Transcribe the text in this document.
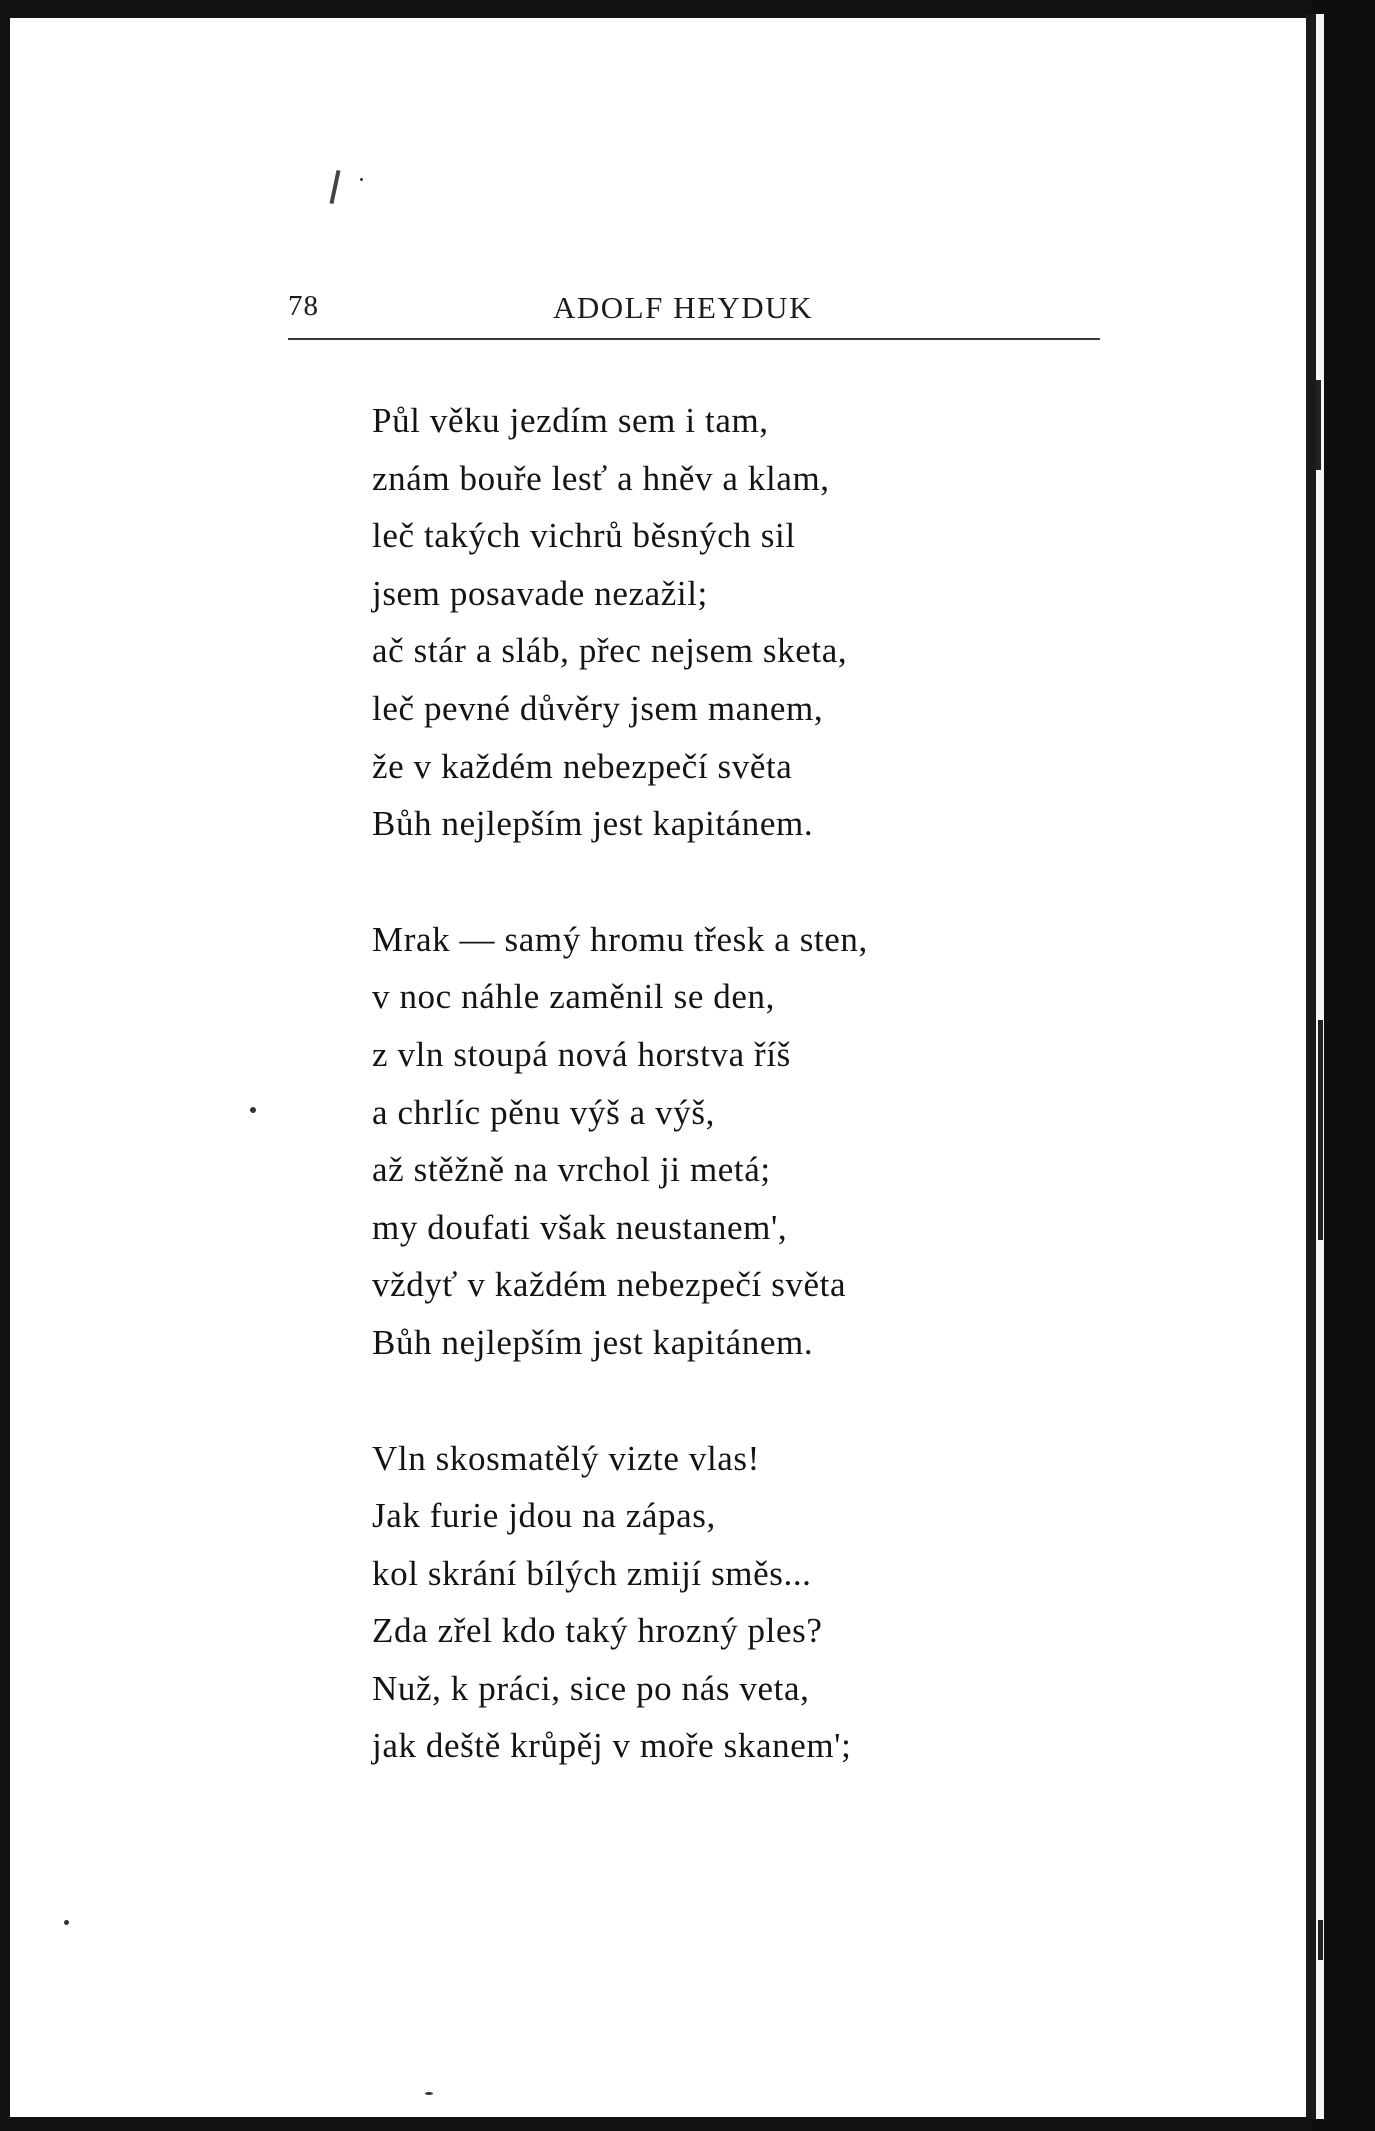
78	ADOLF HEYDUK
Půl věku jezdím sem i tam,
znám bouře lesť a hněv a klam,
leč takých vichrů běsných sil
jsem posavade nezažil;
ač stár a sláb, přec nejsem sketa,
leč pevné důvěry jsem manem,
že v každém nebezpečí světa
Bůh nejlepším jest kapitánem.
Mrak — samý hromu třesk a sten,
v noc náhle zaměnil se den,
z vln stoupá nová horstva říš
a chrlíc pěnu výš a výš,
až stěžně na vrchol ji metá;
my doufati však neustanem',
vždyť v každém nebezpečí světa
Bůh nejlepším jest kapitánem.
Vln skosmatělý vizte vlas!
Jak furie jdou na zápas,
kol skrání bílých zmijí směs...
Zda zřel kdo taký hrozný ples?
Nuž, k práci, sice po nás veta,
jak deště krůpěj v moře skanem';
